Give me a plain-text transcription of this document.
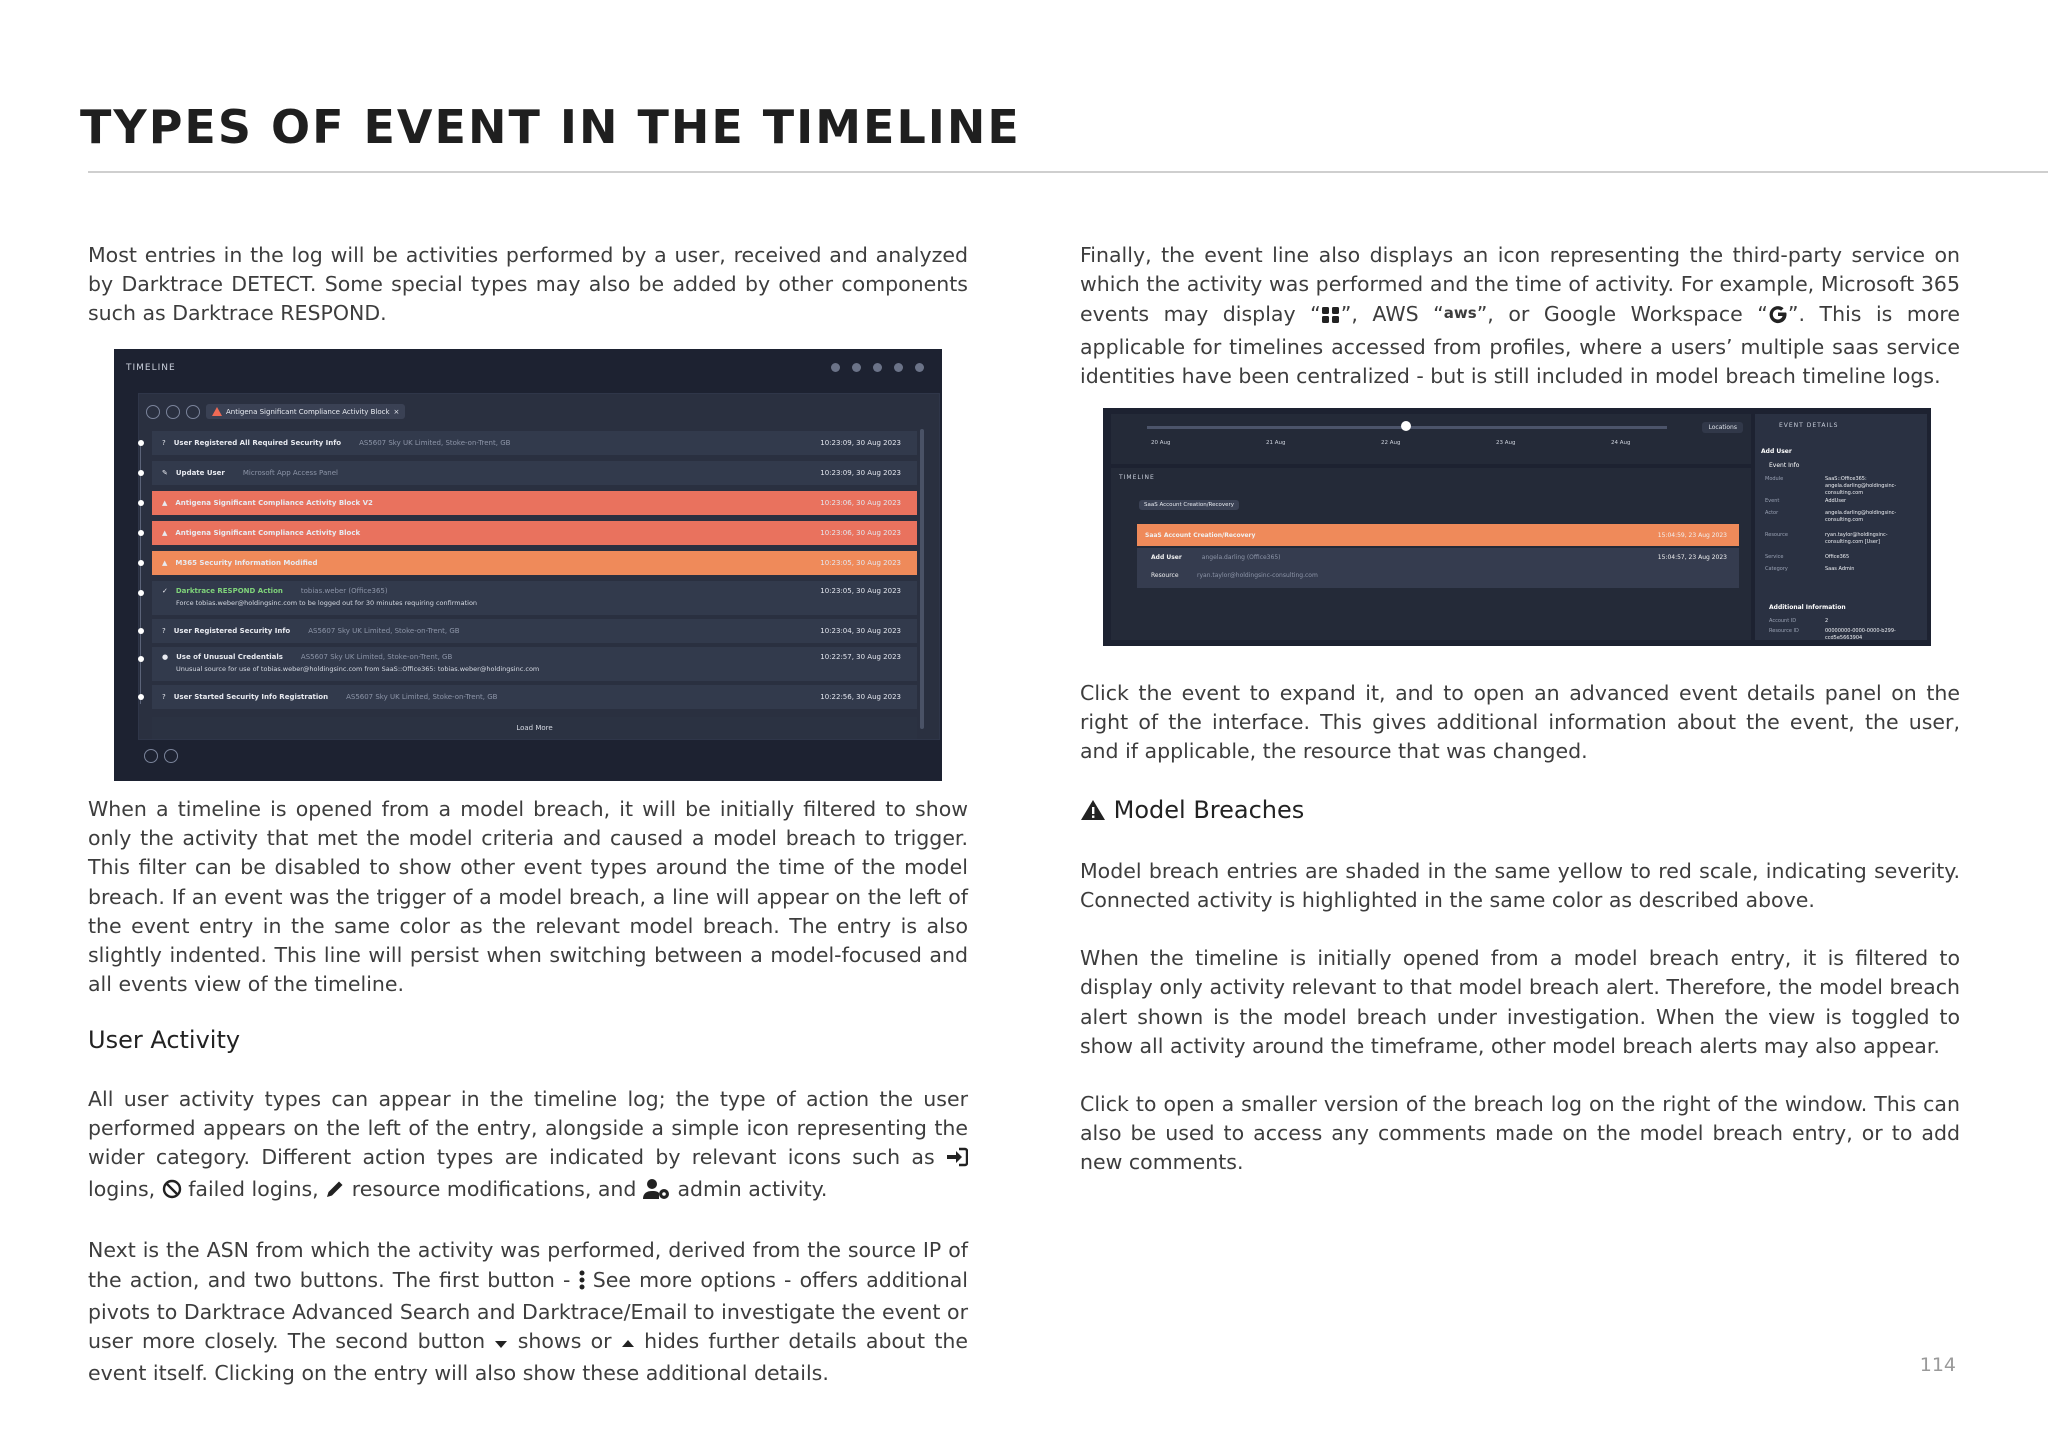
TYPES OF EVENT IN THE TIMELINE

Most entries in the log will be activities performed by a user, received and analyzed by Darktrace DETECT. Some special types may also be added by other components such as Darktrace RESPOND.

TIMELINE
Antigena Significant Compliance Activity Block ×
? User Registered All Required Security Info	AS5607 Sky UK Limited, Stoke-on-Trent, GB	10:23:09, 30 Aug 2023
✎ Update User	Microsoft App Access Panel	10:23:09, 30 Aug 2023
▲ Antigena Significant Compliance Activity Block V2	10:23:06, 30 Aug 2023
▲ Antigena Significant Compliance Activity Block	10:23:06, 30 Aug 2023
▲ M365 Security Information Modified	10:23:05, 30 Aug 2023
✓ Darktrace RESPOND Action	tobias.weber (Office365)	10:23:05, 30 Aug 2023
Force tobias.weber@holdingsinc.com to be logged out for 30 minutes requiring confirmation
? User Registered Security Info	AS5607 Sky UK Limited, Stoke-on-Trent, GB	10:23:04, 30 Aug 2023
● Use of Unusual Credentials	AS5607 Sky UK Limited, Stoke-on-Trent, GB	10:22:57, 30 Aug 2023
Unusual source for use of tobias.weber@holdingsinc.com from SaaS::Office365: tobias.weber@holdingsinc.com
? User Started Security Info Registration	AS5607 Sky UK Limited, Stoke-on-Trent, GB	10:22:56, 30 Aug 2023
Load More

When a timeline is opened from a model breach, it will be initially filtered to show only the activity that met the model criteria and caused a model breach to trigger. This filter can be disabled to show other event types around the time of the model breach. If an event was the trigger of a model breach, a line will appear on the left of the event entry in the same color as the relevant model breach. The entry is also slightly indented. This line will persist when switching between a model-focused and all events view of the timeline.

User Activity

All user activity types can appear in the timeline log; the type of action the user performed appears on the left of the entry, alongside a simple icon representing the wider category. Different action types are indicated by relevant icons such as  logins, failed logins, resource modifications, and admin activity.

Next is the ASN from which the activity was performed, derived from the source IP of the action, and two buttons. The first button - See more options - offers additional pivots to Darktrace Advanced Search and Darktrace/Email to investigate the event or user more closely. The second button shows or hides further details about the event itself. Clicking on the entry will also show these additional details.

Finally, the event line also displays an icon representing the third-party service on which the activity was performed and the time of activity. For example, Microsoft 365 events may display “ ”, AWS “aws”, or Google Workspace “ ”. This is more applicable for timelines accessed from profiles, where a users’ multiple saas service identities have been centralized - but is still included in model breach timeline logs.

20 Aug	21 Aug	22 Aug	23 Aug	24 Aug
Locations
TIMELINE
SaaS Account Creation/Recovery
SaaS Account Creation/Recovery	15:04:59, 23 Aug 2023
Add User	angela.darling (Office365)	15:04:57, 23 Aug 2023
Resource	ryan.taylor@holdingsinc-consulting.com
EVENT DETAILS
Add User
Event Info
Module	SaaS::Office365: angela.darling@holdingsinc-consulting.com
Event	AddUser
Actor	angela.darling@holdingsinc-consulting.com
Resource	ryan.taylor@holdingsinc-consulting.com [User]
Service	Office365
Category	Saas Admin
Additional Information
Account ID	2
Resource ID	00000000-0000-0000-b299-ccd5e5663904

Click the event to expand it, and to open an advanced event details panel on the right of the interface. This gives additional information about the event, the user, and if applicable, the resource that was changed.

Model Breaches

Model breach entries are shaded in the same yellow to red scale, indicating severity. Connected activity is highlighted in the same color as described above.

When the timeline is initially opened from a model breach entry, it is filtered to display only activity relevant to that model breach alert. Therefore, the model breach alert shown is the model breach under investigation. When the view is toggled to show all activity around the timeframe, other model breach alerts may also appear.

Click to open a smaller version of the breach log on the right of the window. This can also be used to access any comments made on the model breach entry, or to add new comments.

114
